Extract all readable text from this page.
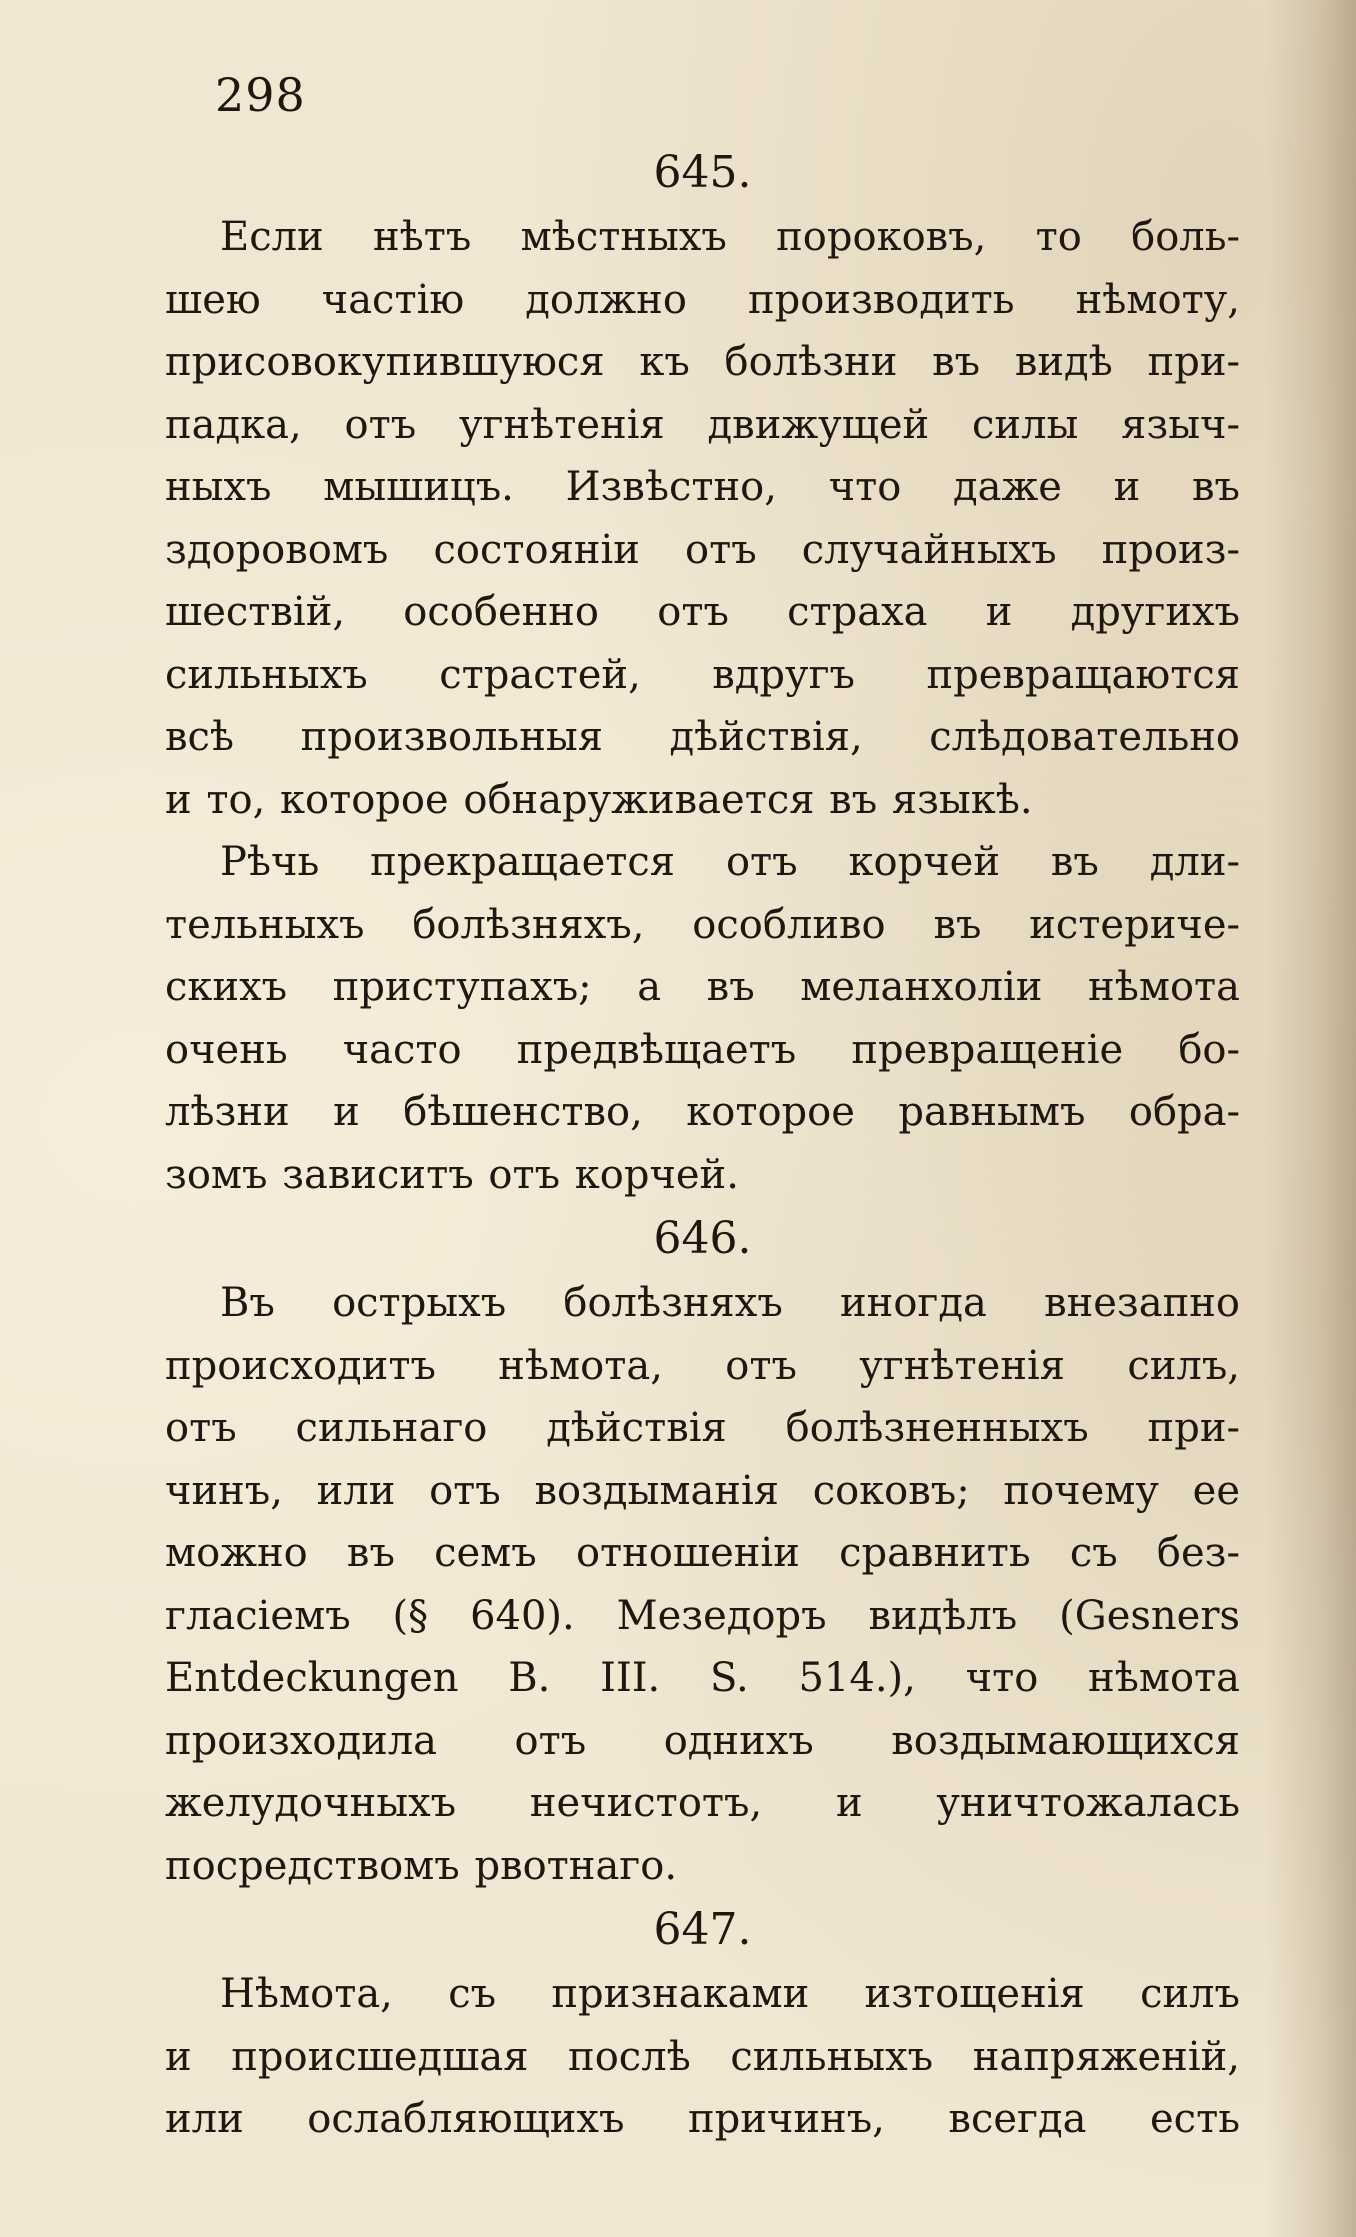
298
645.
Если нѣтъ мѣстныхъ пороковъ, то боль-
шею частію должно производить нѣмоту,
присовокупившуюся къ болѣзни въ видѣ при-
падка, отъ угнѣтенія движущей силы языч-
ныхъ мышицъ. Извѣстно, что даже и въ
здоровомъ состояніи отъ случайныхъ произ-
шествій, особенно отъ страха и другихъ
сильныхъ страстей, вдругъ превращаются
всѣ произвольныя дѣйствія, слѣдовательно
и то, которое обнаруживается въ языкѣ.
Рѣчь прекращается отъ корчей въ дли-
тельныхъ болѣзняхъ, особливо въ истериче-
скихъ приступахъ; а въ меланхоліи нѣмота
очень часто предвѣщаетъ превращеніе бо-
лѣзни и бѣшенство, которое равнымъ обра-
зомъ зависитъ отъ корчей.
646.
Въ острыхъ болѣзняхъ иногда внезапно
происходитъ нѣмота, отъ угнѣтенія силъ,
отъ сильнаго дѣйствія болѣзненныхъ при-
чинъ, или отъ воздыманія соковъ; почему ее
можно въ семъ отношеніи сравнить съ без-
гласіемъ (§ 640). Мезедоръ видѣлъ (Gesners
Entdeckungen B. III. S. 514.), что нѣмота
произходила отъ однихъ воздымающихся
желудочныхъ нечистотъ, и уничтожалась
посредствомъ рвотнаго.
647.
Нѣмота, съ признаками изтощенія силъ
и происшедшая послѣ сильныхъ напряженій,
или ослабляющихъ причинъ, всегда есть
